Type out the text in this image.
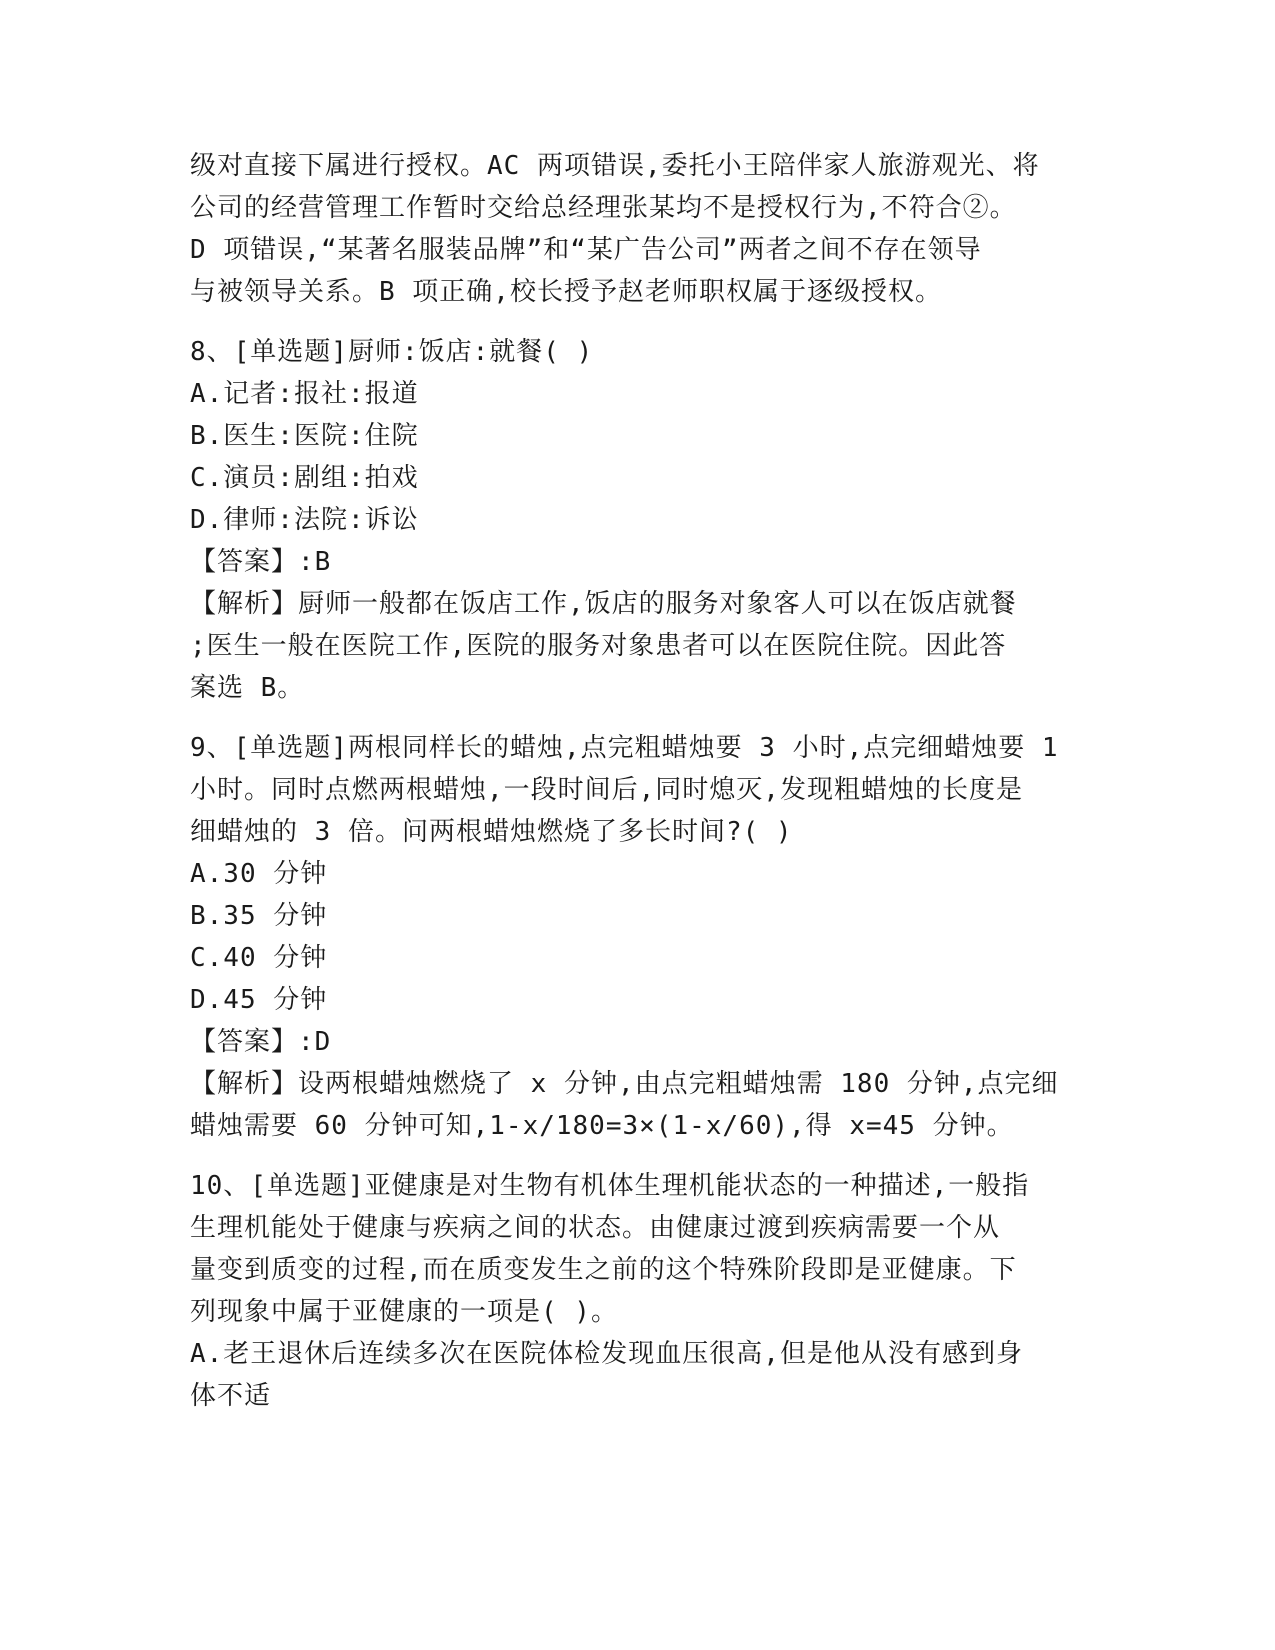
级对直接下属进行授权。AC 两项错误,委托小王陪伴家人旅游观光、将
公司的经营管理工作暂时交给总经理张某均不是授权行为,不符合②。
D 项错误,“某著名服装品牌”和“某广告公司”两者之间不存在领导
与被领导关系。B 项正确,校长授予赵老师职权属于逐级授权。
8、[单选题]厨师:饭店:就餐( )
A.记者:报社:报道
B.医生:医院:住院
C.演员:剧组:拍戏
D.律师:法院:诉讼
【答案】:B
【解析】厨师一般都在饭店工作,饭店的服务对象客人可以在饭店就餐
;医生一般在医院工作,医院的服务对象患者可以在医院住院。因此答
案选 B。
9、[单选题]两根同样长的蜡烛,点完粗蜡烛要 3 小时,点完细蜡烛要 1
小时。同时点燃两根蜡烛,一段时间后,同时熄灭,发现粗蜡烛的长度是
细蜡烛的 3 倍。问两根蜡烛燃烧了多长时间?( )
A.30 分钟
B.35 分钟
C.40 分钟
D.45 分钟
【答案】:D
【解析】设两根蜡烛燃烧了 x 分钟,由点完粗蜡烛需 180 分钟,点完细
蜡烛需要 60 分钟可知,1-x/180=3×(1-x/60),得 x=45 分钟。
10、[单选题]亚健康是对生物有机体生理机能状态的一种描述,一般指
生理机能处于健康与疾病之间的状态。由健康过渡到疾病需要一个从
量变到质变的过程,而在质变发生之前的这个特殊阶段即是亚健康。下
列现象中属于亚健康的一项是( )。
A.老王退休后连续多次在医院体检发现血压很高,但是他从没有感到身
体不适
